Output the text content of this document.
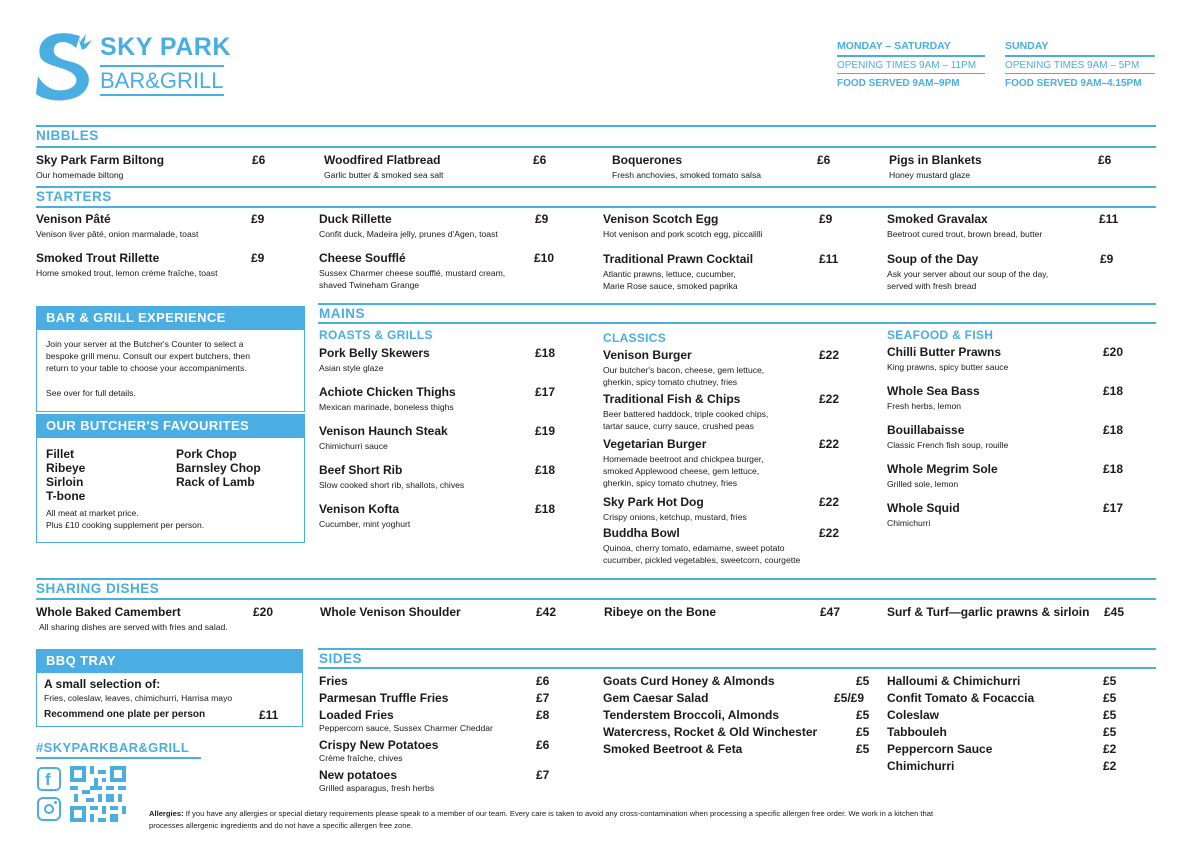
SKY PARK
BAR&GRILL
MONDAY – SATURDAY
OPENING TIMES 9AM – 11PM
FOOD SERVED 9AM–9PM
SUNDAY
OPENING TIMES 9AM – 5PM
FOOD SERVED 9AM–4.15PM
NIBBLES
Sky Park Farm Biltong	£6
Our homemade biltong
Woodfired Flatbread	£6
Garlic butter & smoked sea salt
Boquerones	£6
Fresh anchovies, smoked tomato salsa
Pigs in Blankets	£6
Honey mustard glaze
STARTERS
Venison Pâté	£9
Venison liver pâté, onion marmalade, toast
Smoked Trout Rillette	£9
Home smoked trout, lemon crème fraîche, toast
Duck Rillette	£9
Confit duck, Madeira jelly, prunes d'Agen, toast
Cheese Soufflé	£10
Sussex Charmer cheese soufflé, mustard cream,
shaved Twineham Grange
Venison Scotch Egg	£9
Hot venison and pork scotch egg, piccalilli
Traditional Prawn Cocktail	£11
Atlantic prawns, lettuce, cucumber,
Marie Rose sauce, smoked paprika
Smoked Gravalax	£11
Beetroot cured trout, brown bread, butter
Soup of the Day	£9
Ask your server about our soup of the day,
served with fresh bread
BAR & GRILL EXPERIENCE
Join your server at the Butcher's Counter to select a
bespoke grill menu. Consult our expert butchers, then
return to your table to choose your accompaniments.
See over for full details.
OUR BUTCHER'S FAVOURITES
Fillet
Ribeye
Sirloin
T-bone
Pork Chop
Barnsley Chop
Rack of Lamb
All meat at market price.
Plus £10 cooking supplement per person.
MAINS
ROASTS & GRILLS
Pork Belly Skewers	£18
Asian style glaze
Achiote Chicken Thighs	£17
Mexican marinade, boneless thighs
Venison Haunch Steak	£19
Chimichurri sauce
Beef Short Rib	£18
Slow cooked short rib, shallots, chives
Venison Kofta	£18
Cucumber, mint yoghurt
CLASSICS
Venison Burger	£22
Our butcher's bacon, cheese, gem lettuce,
gherkin, spicy tomato chutney, fries
Traditional Fish & Chips	£22
Beer battered haddock, triple cooked chips,
tartar sauce, curry sauce, crushed peas
Vegetarian Burger	£22
Homemade beetroot and chickpea burger,
smoked Applewood cheese, gem lettuce,
gherkin, spicy tomato chutney, fries
Sky Park Hot Dog	£22
Crispy onions, ketchup, mustard, fries
Buddha Bowl	£22
Quinoa, cherry tomato, edamame, sweet potato
cucumber, pickled vegetables, sweetcorn, courgette
SEAFOOD & FISH
Chilli Butter Prawns	£20
King prawns, spicy butter sauce
Whole Sea Bass	£18
Fresh herbs, lemon
Bouillabaisse	£18
Classic French fish soup, rouille
Whole Megrim Sole	£18
Grilled sole, lemon
Whole Squid	£17
Chimichurri
SHARING DISHES
Whole Baked Camembert	£20
All sharing dishes are served with fries and salad.
Whole Venison Shoulder	£42	Ribeye on the Bone	£47	Surf & Turf—garlic prawns & sirloin	£45
BBQ TRAY
A small selection of:
Fries, coleslaw, leaves, chimichurri, Harrisa mayo
Recommend one plate per person	£11
#SKYPARKBAR&GRILL
f
SIDES
Fries	£6
Parmesan Truffle Fries	£7
Loaded Fries	£8
Peppercorn sauce, Sussex Charmer Cheddar
Crispy New Potatoes	£6
Crème fraîche, chives
New potatoes	£7
Grilled asparagus, fresh herbs
Goats Curd Honey & Almonds	£5
Gem Caesar Salad	£5/£9
Tenderstem Broccoli, Almonds	£5
Watercress, Rocket & Old Winchester	£5
Smoked Beetroot & Feta	£5
Halloumi & Chimichurri	£5
Confit Tomato & Focaccia	£5
Coleslaw	£5
Tabbouleh	£5
Peppercorn Sauce	£2
Chimichurri	£2
Allergies: If you have any allergies or special dietary requirements please speak to a member of our team. Every care is taken to avoid any cross-contamination when processing a specific allergen free order. We work in a kitchen that
processes allergenic ingredients and do not have a specific allergen free zone.
